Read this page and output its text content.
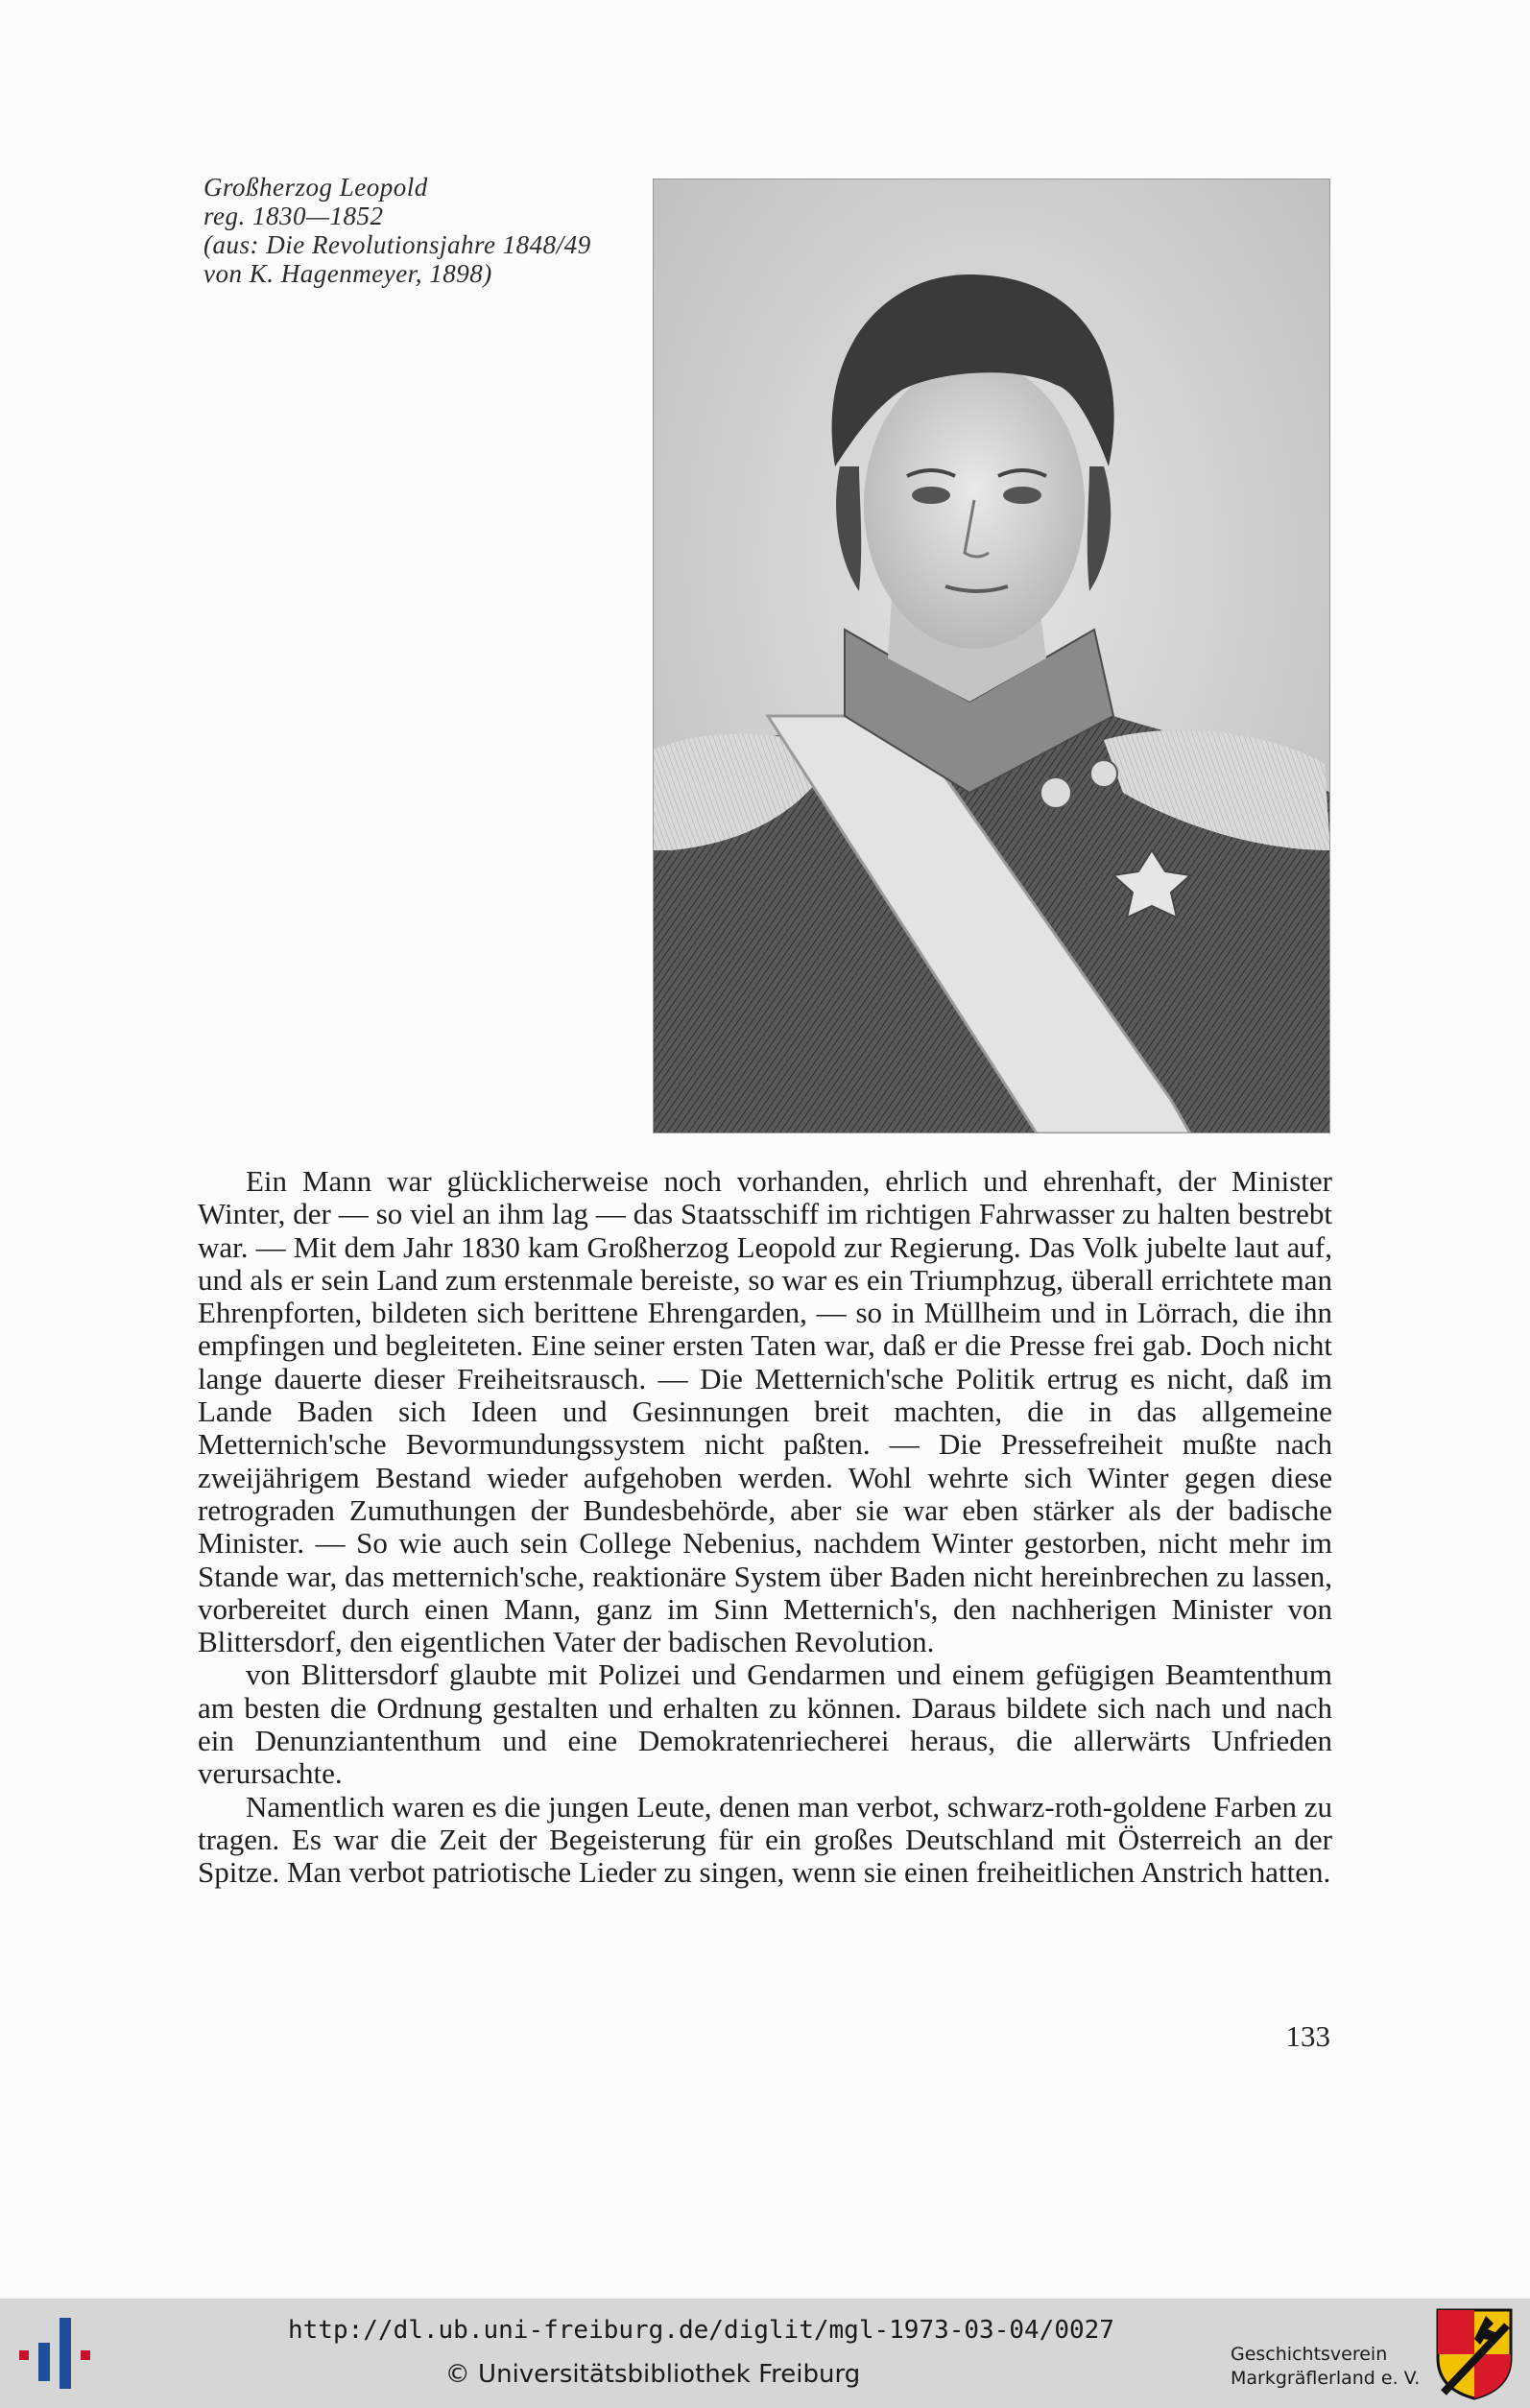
Großherzog Leopold
reg. 1830—1852
(aus: Die Revolutionsjahre 1848/49
von K. Hagenmeyer, 1898)

Ein Mann war glücklicherweise noch vorhanden, ehrlich und ehrenhaft, der Minister Winter, der — so viel an ihm lag — das Staatsschiff im richtigen Fahrwasser zu halten bestrebt war. — Mit dem Jahr 1830 kam Großherzog Leopold zur Regierung. Das Volk jubelte laut auf, und als er sein Land zum erstenmale bereiste, so war es ein Triumphzug, überall errichtete man Ehrenpforten, bildeten sich berittene Ehrengarden, — so in Müllheim und in Lörrach, die ihn empfingen und begleiteten. Eine seiner ersten Taten war, daß er die Presse frei gab. Doch nicht lange dauerte dieser Freiheitsrausch. — Die Metternich'sche Politik ertrug es nicht, daß im Lande Baden sich Ideen und Gesinnungen breit machten, die in das allgemeine Metternich'sche Bevormundungssystem nicht paßten. — Die Pressefreiheit mußte nach zweijährigem Bestand wieder aufgehoben werden. Wohl wehrte sich Winter gegen diese retrograden Zumuthungen der Bundesbehörde, aber sie war eben stärker als der badische Minister. — So wie auch sein College Nebenius, nachdem Winter gestorben, nicht mehr im Stande war, das metternich'sche, reaktionäre System über Baden nicht hereinbrechen zu lassen, vorbereitet durch einen Mann, ganz im Sinn Metternich's, den nachherigen Minister von Blittersdorf, den eigentlichen Vater der badischen Revolution.

von Blittersdorf glaubte mit Polizei und Gendarmen und einem gefügigen Beamtenthum am besten die Ordnung gestalten und erhalten zu können. Daraus bildete sich nach und nach ein Denunziantenthum und eine Demokratenriecherei heraus, die allerwärts Unfrieden verursachte.

Namentlich waren es die jungen Leute, denen man verbot, schwarz-roth-goldene Farben zu tragen. Es war die Zeit der Begeisterung für ein großes Deutschland mit Österreich an der Spitze. Man verbot patriotische Lieder zu singen, wenn sie einen freiheitlichen Anstrich hatten.

133
http://dl.ub.uni-freiburg.de/diglit/mgl-1973-03-04/0027
© Universitätsbibliothek Freiburg
Geschichtsverein
Markgräflerland e. V.
